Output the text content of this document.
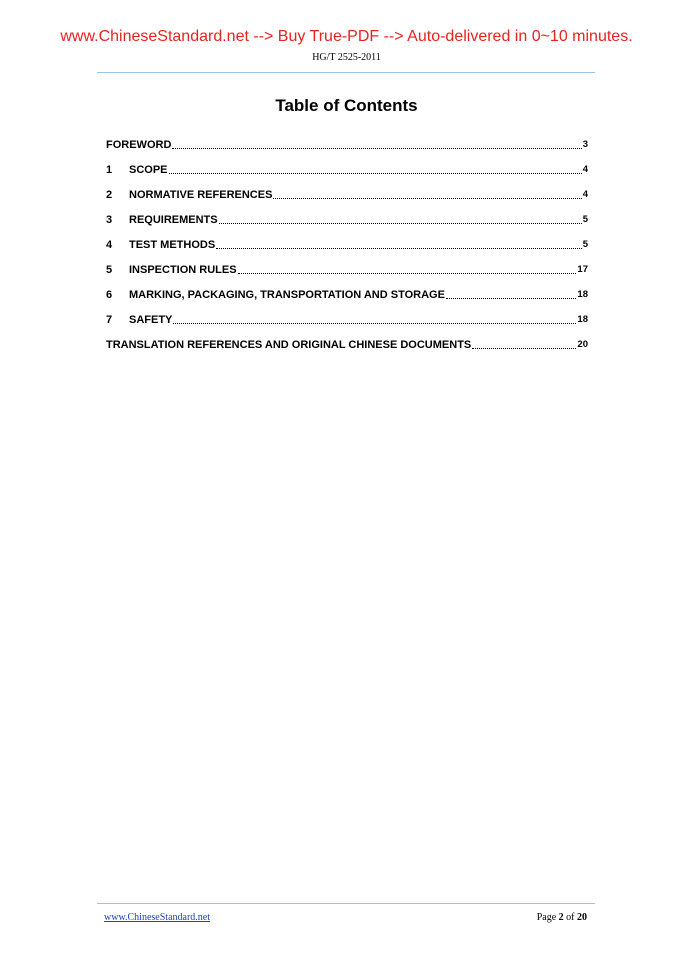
www.ChineseStandard.net --> Buy True-PDF --> Auto-delivered in 0~10 minutes.
HG/T 2525-2011
Table of Contents
FOREWORD	3
1	SCOPE	4
2	NORMATIVE REFERENCES	4
3	REQUIREMENTS	5
4	TEST METHODS	5
5	INSPECTION RULES	17
6	MARKING, PACKAGING, TRANSPORTATION AND STORAGE	18
7	SAFETY	18
TRANSLATION REFERENCES AND ORIGINAL CHINESE DOCUMENTS	20
www.ChineseStandard.net	Page 2 of 20
